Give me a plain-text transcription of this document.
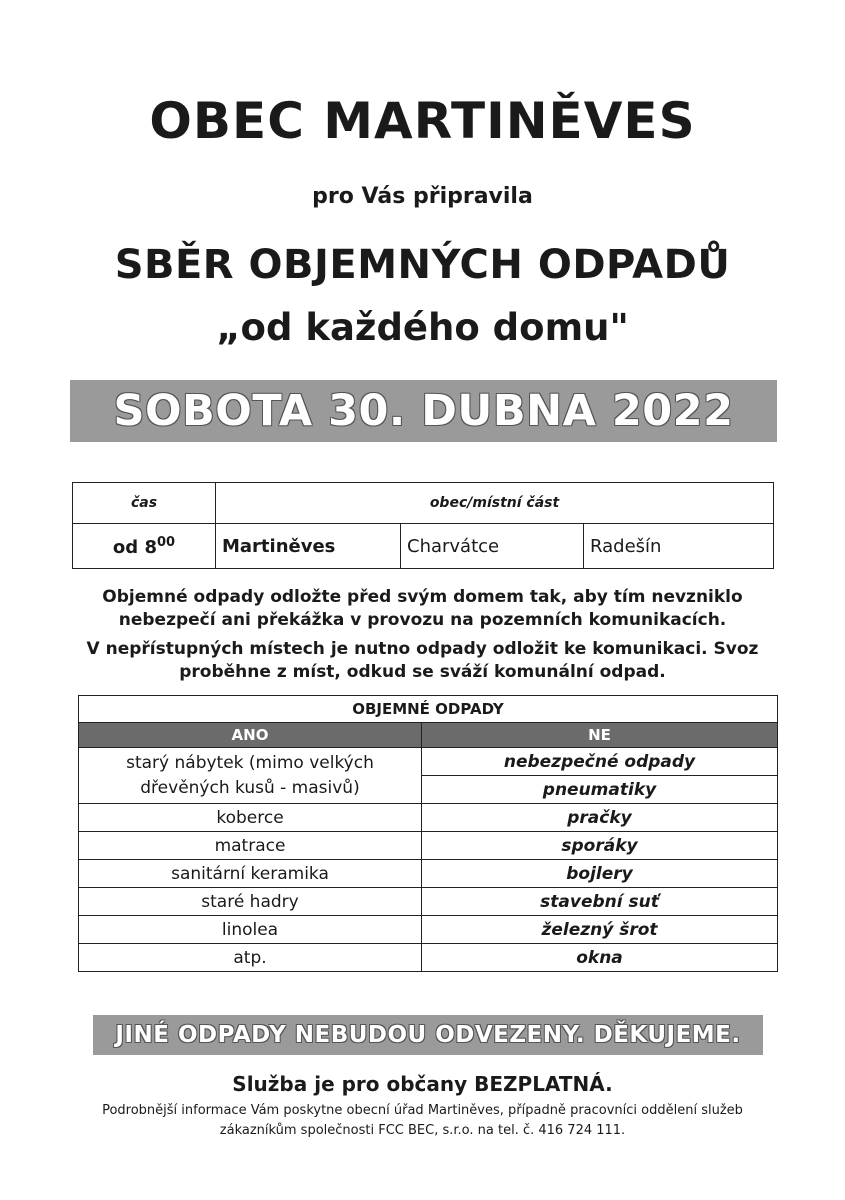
OBEC MARTINĚVES
pro Vás připravila
SBĚR OBJEMNÝCH ODPADŮ
„od každého domu"
SOBOTA 30. DUBNA 2022
čas	obec/místní část		
od $8^{00}$	Martiněves	Charvátce	Radešín
Objemné odpady odložte před svým domem tak, aby tím nevzniklo nebezpečí ani překážka v provozu na pozemních komunikacích.
V nepřístupných místech je nutno odpady odložit ke komunikaci. Svoz proběhne z míst, odkud se sváží komunální odpad.
OBJEMNÉ ODPADY	
ANO	NE
starý nábytek (mimo velkých dřevěných kusů - masivů)	nebezpečné odpady
	pneumatiky
koberce	pračky
matrace	sporáky
sanitární keramika	bojlery
staré hadry	stavební suť
linolea	železný šrot
atp.	okna
JINÉ ODPADY NEBUDOU ODVEZENY. DĚKUJEME.
Služba je pro občany BEZPLATNÁ.
Podrobnější informace Vám poskytne obecní úřad Martiněves, případně pracovníci oddělení služeb zákazníkům společnosti FCC BEC, s.r.o. na tel. č. 416 724 111.
